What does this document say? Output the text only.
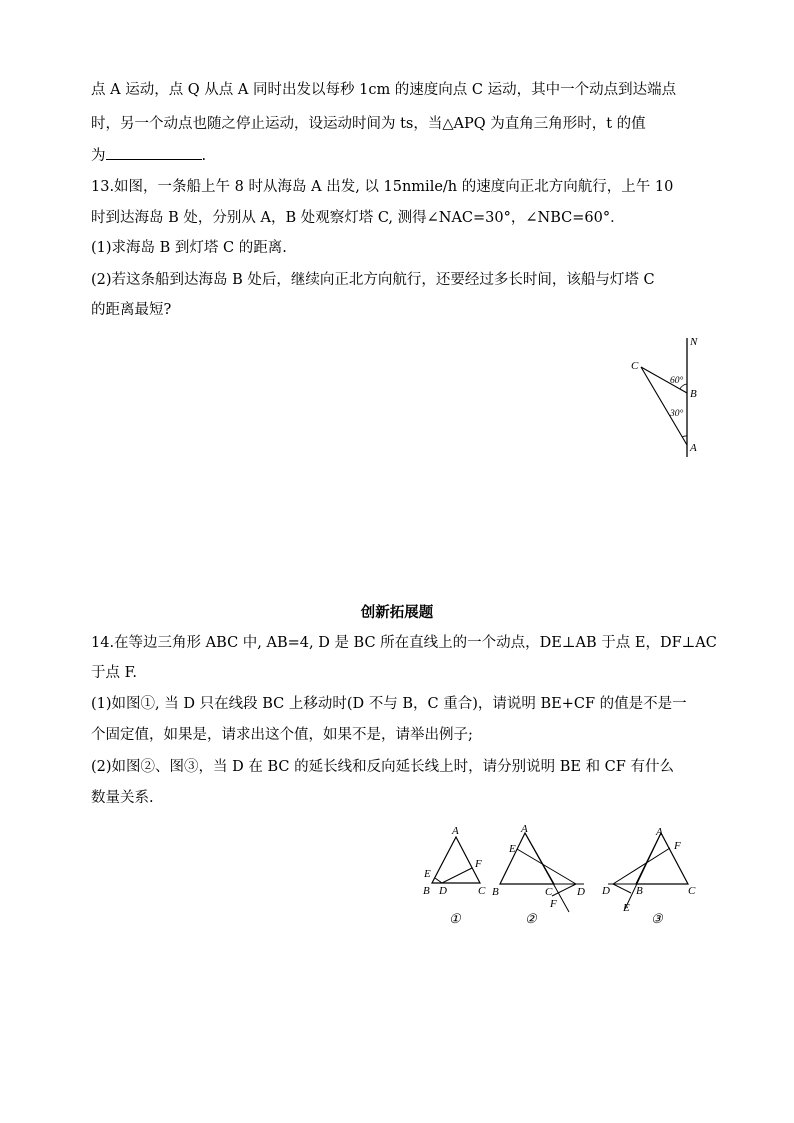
点 A 运动，点 Q 从点 A 同时出发以每秒 1cm 的速度向点 C 运动，其中一个动点到达端点
时，另一个动点也随之停止运动，设运动时间为 ts，当△APQ 为直角三角形时，t 的值
为	.
13.如图，一条船上午 8 时从海岛 A 出发, 以 15nmile/h 的速度向正北方向航行，上午 10
时到达海岛 B 处，分别从 A，B 处观察灯塔 C, 测得∠NAC=30°，∠NBC=60°．
(1)求海岛 B 到灯塔 C 的距离.
(2)若这条船到达海岛 B 处后，继续向正北方向航行，还要经过多长时间，该船与灯塔 C
的距离最短?
N
C
B
A
60°
30°
创新拓展题
14.在等边三角形 ABC 中, AB=4, D 是 BC 所在直线上的一个动点，DE⊥AB 于点 E，DF⊥AC
于点 F.
(1)如图①, 当 D 只在线段 BC 上移动时(D 不与 B，C 重合)，请说明 BE+CF 的值是不是一
个固定值，如果是，请求出这个值，如果不是，请举出例子;
(2)如图②、图③，当 D 在 BC 的延长线和反向延长线上时，请分别说明 BE 和 CF 有什么
数量关系.
A
B	C
D
E
F
①
A
B	C D
E
F
②
A
B	C
D
E
F
③
